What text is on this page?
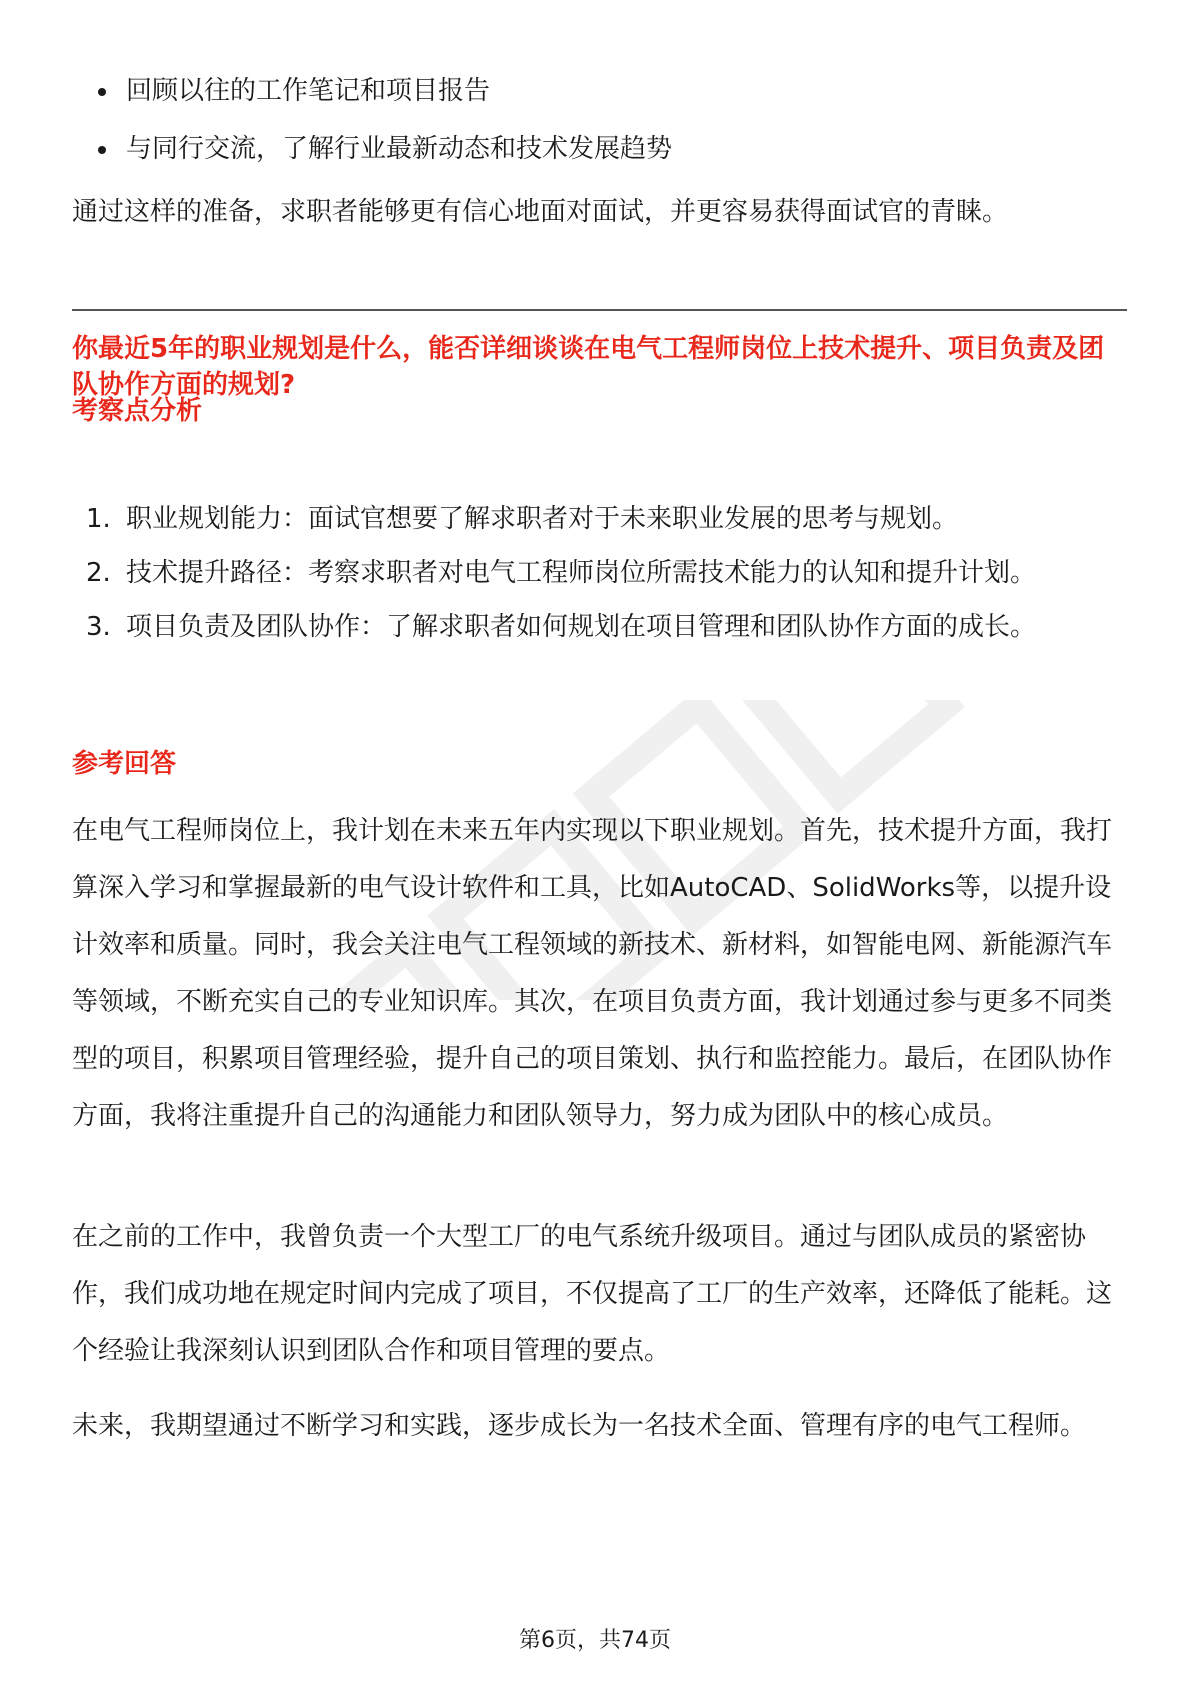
回顾以往的工作笔记和项目报告
与同行交流，了解行业最新动态和技术发展趋势

通过这样的准备，求职者能够更有信心地面对面试，并更容易获得面试官的青睐。

你最近5年的职业规划是什么，能否详细谈谈在电气工程师岗位上技术提升、项目负责及团队协作方面的规划?

考察点分析

1. 职业规划能力：面试官想要了解求职者对于未来职业发展的思考与规划。
2. 技术提升路径：考察求职者对电气工程师岗位所需技术能力的认知和提升计划。
3. 项目负责及团队协作：了解求职者如何规划在项目管理和团队协作方面的成长。

参考回答

在电气工程师岗位上，我计划在未来五年内实现以下职业规划。首先，技术提升方面，我打算深入学习和掌握最新的电气设计软件和工具，比如AutoCAD、SolidWorks等，以提升设计效率和质量。同时，我会关注电气工程领域的新技术、新材料，如智能电网、新能源汽车等领域，不断充实自己的专业知识库。其次，在项目负责方面，我计划通过参与更多不同类型的项目，积累项目管理经验，提升自己的项目策划、执行和监控能力。最后，在团队协作方面，我将注重提升自己的沟通能力和团队领导力，努力成为团队中的核心成员。

在之前的工作中，我曾负责一个大型工厂的电气系统升级项目。通过与团队成员的紧密协作，我们成功地在规定时间内完成了项目，不仅提高了工厂的生产效率，还降低了能耗。这个经验让我深刻认识到团队合作和项目管理的要点。

未来，我期望通过不断学习和实践，逐步成长为一名技术全面、管理有序的电气工程师。

第6页，共74页
